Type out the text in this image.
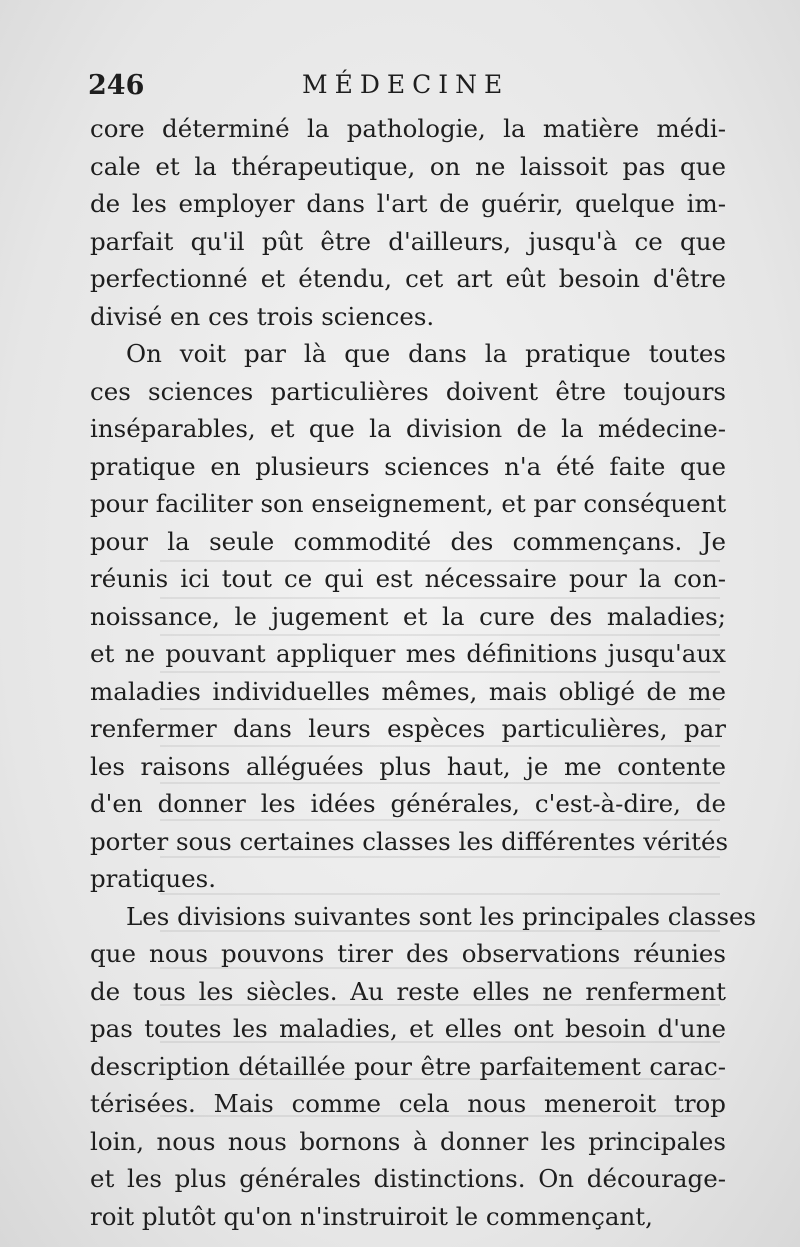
246	MÉDECINE
core déterminé la pathologie, la matière médi-
cale et la thérapeutique, on ne laissoit pas que
de les employer dans l'art de guérir, quelque im-
parfait qu'il pût être d'ailleurs, jusqu'à ce que
perfectionné et étendu, cet art eût besoin d'être
divisé en ces trois sciences.
On voit par là que dans la pratique toutes
ces sciences particulières doivent être toujours
inséparables, et que la division de la médecine-
pratique en plusieurs sciences n'a été faite que
pour faciliter son enseignement, et par conséquent
pour la seule commodité des commençans. Je
réunis ici tout ce qui est nécessaire pour la con-
noissance, le jugement et la cure des maladies;
et ne pouvant appliquer mes définitions jusqu'aux
maladies individuelles mêmes, mais obligé de me
renfermer dans leurs espèces particulières, par
les raisons alléguées plus haut, je me contente
d'en donner les idées générales, c'est-à-dire, de
porter sous certaines classes les différentes vérités
pratiques.
Les divisions suivantes sont les principales classes
que nous pouvons tirer des observations réunies
de tous les siècles. Au reste elles ne renferment
pas toutes les maladies, et elles ont besoin d'une
description détaillée pour être parfaitement carac-
térisées. Mais comme cela nous meneroit trop
loin, nous nous bornons à donner les principales
et les plus générales distinctions. On décourage-
roit plutôt qu'on n'instruiroit le commençant,
